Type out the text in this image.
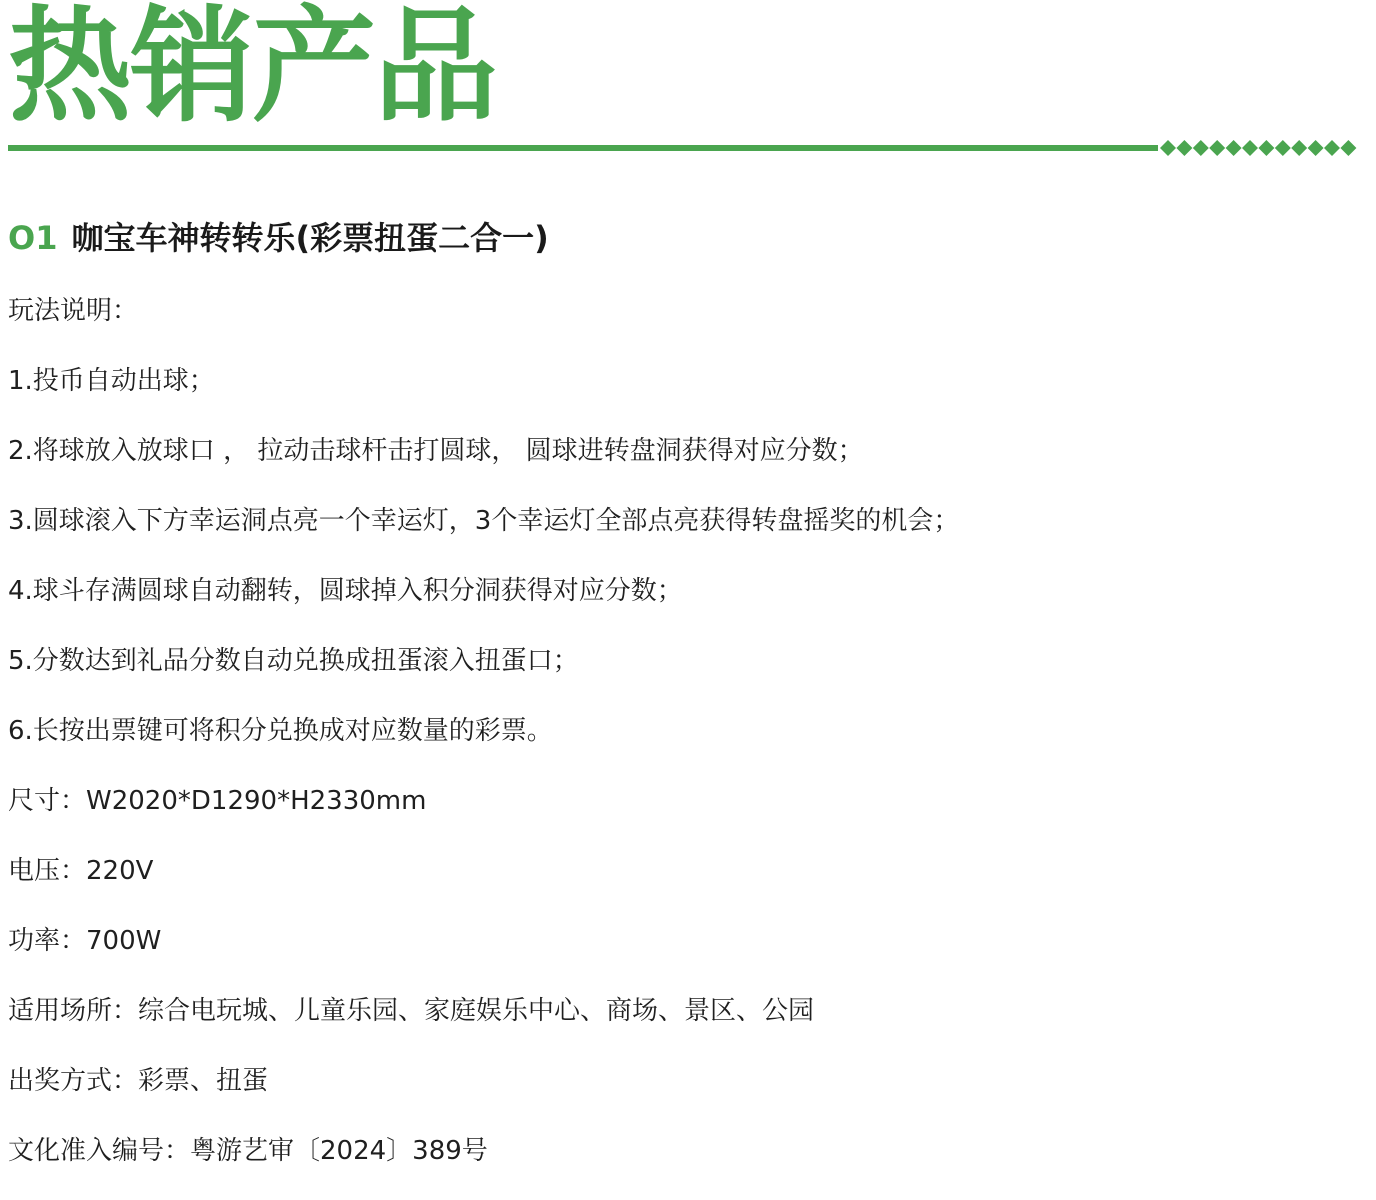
热销产品
O1 咖宝车神转转乐(彩票扭蛋二合一)
玩法说明：
1.投币自动出球；
2.将球放入放球口 ， 拉动击球杆击打圆球， 圆球进转盘洞获得对应分数；
3.圆球滚入下方幸运洞点亮一个幸运灯，3个幸运灯全部点亮获得转盘摇奖的机会；
4.球斗存满圆球自动翻转，圆球掉入积分洞获得对应分数；
5.分数达到礼品分数自动兑换成扭蛋滚入扭蛋口；
6.长按出票键可将积分兑换成对应数量的彩票。
尺寸：W2020*D1290*H2330mm
电压：220V
功率：700W
适用场所：综合电玩城、儿童乐园、家庭娱乐中心、商场、景区、公园
出奖方式：彩票、扭蛋
文化准入编号：粤游艺审〔2024〕389号
